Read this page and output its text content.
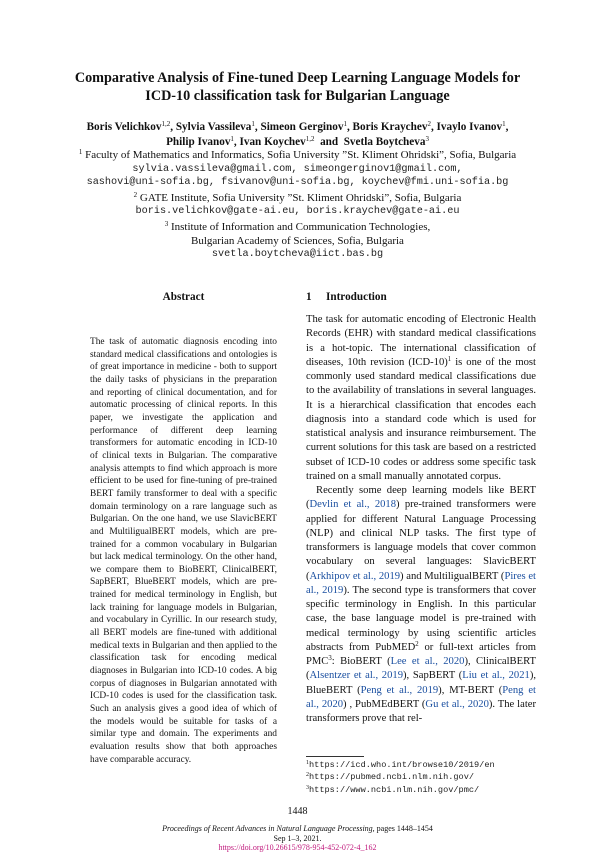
Comparative Analysis of Fine-tuned Deep Learning Language Models for
ICD-10 classification task for Bulgarian Language
Boris Velichkov$^{1,2}$, Sylvia Vassileva$^1$, Simeon Gerginov$^1$, Boris Kraychev$^2$, Ivaylo Ivanov$^1$,
Philip Ivanov$^1$, Ivan Koychev$^{1,2}$  and  Svetla Boytcheva$^3$
$^1$ Faculty of Mathematics and Informatics, Sofia University ”St. Kliment Ohridski”, Sofia, Bulgaria
sylvia.vassileva@gmail.com, simeongerginov1@gmail.com,
sashovi@uni-sofia.bg, fsivanov@uni-sofia.bg, koychev@fmi.uni-sofia.bg
$^2$ GATE Institute, Sofia University ”St. Kliment Ohridski”, Sofia, Bulgaria
boris.velichkov@gate-ai.eu, boris.kraychev@gate-ai.eu
$^3$ Institute of Information and Communication Technologies,
Bulgarian Academy of Sciences, Sofia, Bulgaria
svetla.boytcheva@iict.bas.bg
Abstract
The task of automatic diagnosis encoding into standard medical classifications and ontologies is of great importance in medicine - both to support the daily tasks of physicians in the preparation and reporting of clinical documentation, and for automatic processing of clinical reports. In this paper, we investigate the application and performance of different deep learning transformers for automatic encoding in ICD-10 of clinical texts in Bulgarian. The comparative analysis attempts to find which approach is more efficient to be used for fine-tuning of pre-trained BERT family transformer to deal with a specific domain terminology on a rare language such as Bulgarian. On the one hand, we use SlavicBERT and MultiligualBERT models, which are pre-trained for a common vocabulary in Bulgarian but lack medical terminology. On the other hand, we compare them to BioBERT, ClinicalBERT, SapBERT, BlueBERT models, which are pre-trained for medical terminology in English, but lack training for language models in Bulgarian, and vocabulary in Cyrillic. In our research study, all BERT models are fine-tuned with additional medical texts in Bulgarian and then applied to the classification task for encoding medical diagnoses in Bulgarian into ICD-10 codes. A big corpus of diagnoses in Bulgarian annotated with ICD-10 codes is used for the classification task. Such an analysis gives a good idea of which of the models would be suitable for tasks of a similar type and domain. The experiments and evaluation results show that both approaches have comparable accuracy.
1 Introduction

The task for automatic encoding of Electronic Health Records (EHR) with standard medical classifications is a hot-topic. The international classification of diseases, 10th revision $(ICD-10)^1$ is one of the most commonly used standard medical classifications due to the availability of translations in several languages. It is a hierarchical classification that encodes each diagnosis into a standard code which is used for statistical analysis and insurance reimbursement. The current solutions for this task are based on a restricted subset of ICD-10 codes or address some specific task trained on a small manually annotated corpus.

Recently some deep learning models like BERT (Devlin et al., 2018) pre-trained transformers were applied for different Natural Language Processing (NLP) and clinical NLP tasks. The first type of transformers is language models that cover common vocabulary on several languages: SlavicBERT (Arkhipov et al., 2019) and MultiligualBERT (Pires et al., 2019). The second type is transformers that cover specific terminology in English. In this particular case, the base language model is pre-trained with medical terminology by using scientific articles abstracts from PubMED$^2$ or full-text articles from PMC$^3$: BioBERT (Lee et al., 2020), ClinicalBERT (Alsentzer et al., 2019), SapBERT (Liu et al., 2021), BlueBERT (Peng et al., 2019), MT-BERT (Peng et al., 2020) , PubMEdBERT (Gu et al., 2020). The later transformers prove that rel-

$^1$https://icd.who.int/browse10/2019/en
$^2$https://pubmed.ncbi.nlm.nih.gov/
$^3$https://www.ncbi.nlm.nih.gov/pmc/
1448
Proceedings of Recent Advances in Natural Language Processing, pages 1448–1454
Sep 1–3, 2021.
https://doi.org/10.26615/978-954-452-072-4_162
